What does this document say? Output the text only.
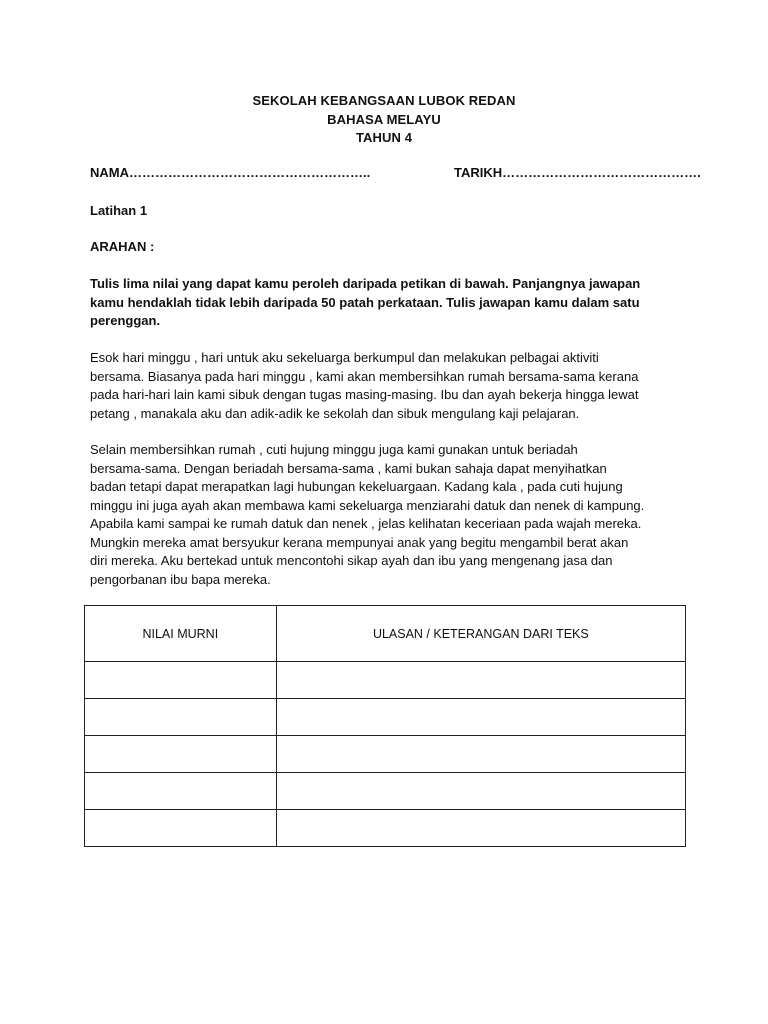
SEKOLAH KEBANGSAAN LUBOK REDAN
BAHASA MELAYU
TAHUN 4
NAMA………………………………………………..	TARIKH……………………………………….
Latihan 1
ARAHAN :
Tulis lima nilai yang dapat kamu peroleh daripada petikan di bawah. Panjangnya jawapan
kamu hendaklah tidak lebih daripada 50 patah perkataan. Tulis jawapan kamu dalam satu
perenggan.
Esok hari minggu , hari untuk aku sekeluarga berkumpul dan melakukan pelbagai aktiviti
bersama. Biasanya pada hari minggu , kami akan membersihkan rumah bersama-sama kerana
pada hari-hari lain kami sibuk dengan tugas masing-masing. Ibu dan ayah bekerja hingga lewat
petang , manakala aku dan adik-adik ke sekolah dan sibuk mengulang kaji pelajaran.
Selain membersihkan rumah , cuti hujung minggu juga kami gunakan untuk beriadah
bersama-sama. Dengan beriadah bersama-sama , kami bukan sahaja dapat menyihatkan
badan tetapi dapat merapatkan lagi hubungan kekeluargaan. Kadang kala , pada cuti hujung
minggu ini juga ayah akan membawa kami sekeluarga menziarahi datuk dan nenek di kampung.
Apabila kami sampai ke rumah datuk dan nenek , jelas kelihatan keceriaan pada wajah mereka.
Mungkin mereka amat bersyukur kerana mempunyai anak yang begitu mengambil berat akan
diri mereka. Aku bertekad untuk mencontohi sikap ayah dan ibu yang mengenang jasa dan
pengorbanan ibu bapa mereka.
NILAI MURNI	ULASAN / KETERANGAN DARI TEKS
